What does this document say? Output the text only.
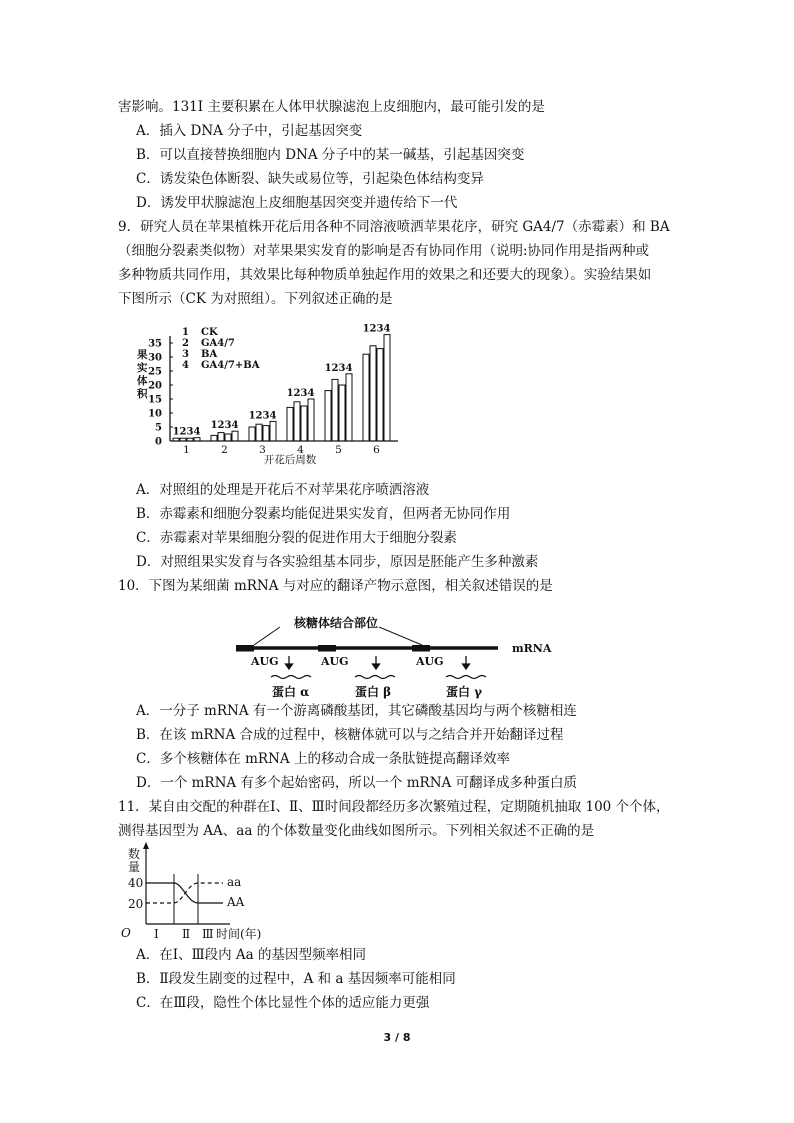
害影响。131I 主要积累在人体甲状腺滤泡上皮细胞内，最可能引发的是
A．插入 DNA 分子中，引起基因突变
B．可以直接替换细胞内 DNA 分子中的某一碱基，引起基因突变
C．诱发染色体断裂、缺失或易位等，引起染色体结构变异
D．诱发甲状腺滤泡上皮细胞基因突变并遗传给下一代
9．研究人员在苹果植株开花后用各种不同溶液喷洒苹果花序，研究 GA4/7（赤霉素）和 BA
（细胞分裂素类似物）对苹果果实发育的影响是否有协同作用（说明:协同作用是指两种或
多种物质共同作用，其效果比每种物质单独起作用的效果之和还要大的现象）。实验结果如
下图所示（CK 为对照组）。下列叙述正确的是
果
实
体
积
0
5
10
15
20
25
30
35
1234
1234
1234
1234
1234
1234
1	2	3	4	5	6
1 CK
2 GA4/7
3 BA
4 GA4/7+BA
开花后周数
A．对照组的处理是开花后不对苹果花序喷洒溶液
B．赤霉素和细胞分裂素均能促进果实发育，但两者无协同作用
C．赤霉素对苹果细胞分裂的促进作用大于细胞分裂素
D．对照组果实发育与各实验组基本同步，原因是胚能产生多种激素
10．下图为某细菌 mRNA 与对应的翻译产物示意图，相关叙述错误的是
核糖体结合部位
mRNA
AUG	AUG	AUG
蛋白 α	蛋白 β	蛋白 γ
A．一分子 mRNA 有一个游离磷酸基团，其它磷酸基因均与两个核糖相连
B．在该 mRNA 合成的过程中，核糖体就可以与之结合并开始翻译过程
C．多个核糖体在 mRNA 上的移动合成一条肽链提高翻译效率
D．一个 mRNA 有多个起始密码，所以一个 mRNA 可翻译成多种蛋白质
11．某自由交配的种群在Ⅰ、Ⅱ、Ⅲ时间段都经历多次繁殖过程，定期随机抽取 100 个个体，
测得基因型为 AA、aa 的个体数量变化曲线如图所示。下列相关叙述不正确的是
数
量
40
20
O
aa
AA
Ⅰ Ⅱ Ⅲ 时间(年)
A．在Ⅰ、Ⅲ段内 Aa 的基因型频率相同
B．Ⅱ段发生剧变的过程中，A 和 a 基因频率可能相同
C．在Ⅲ段，隐性个体比显性个体的适应能力更强
3 / 8
